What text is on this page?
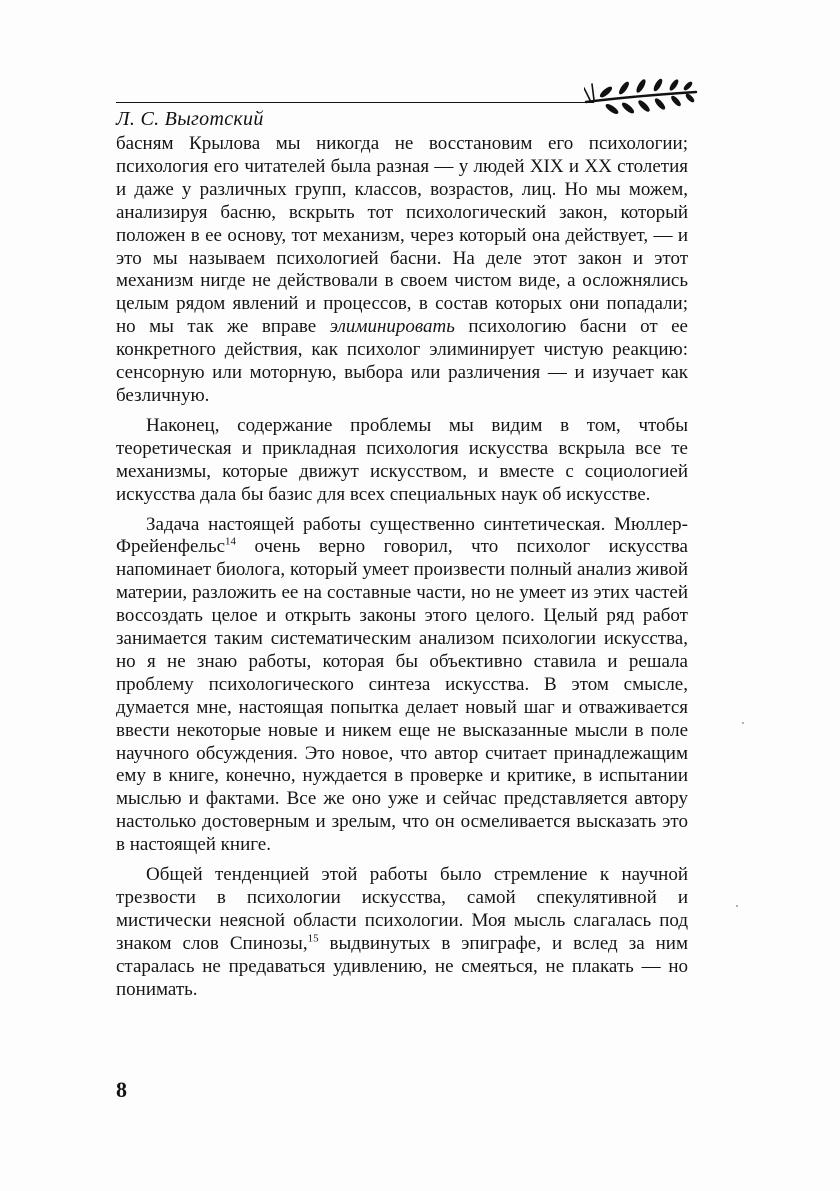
Л. С. Выготский

басням Крылова мы никогда не восстановим его психологии; психология его читателей была разная — у людей XIX и XX столетия и даже у различных групп, классов, возрастов, лиц. Но мы можем, анализируя басню, вскрыть тот психологический закон, который положен в ее основу, тот механизм, через который она действует, — и это мы называем психологией басни. На деле этот закон и этот механизм нигде не действовали в своем чистом виде, а осложнялись целым рядом явлений и процессов, в состав которых они попадали; но мы так же вправе элиминировать психологию басни от ее конкретного действия, как психолог элиминирует чистую реакцию: сенсорную или моторную, выбора или различения — и изучает как безличную.

Наконец, содержание проблемы мы видим в том, чтобы теоретическая и прикладная психология искусства вскрыла все те механизмы, которые движут искусством, и вместе с социологией искусства дала бы базис для всех специальных наук об искусстве.

Задача настоящей работы существенно синтетическая. Мюллер-Фрейенфельс$^{14}$ очень верно говорил, что психолог искусства напоминает биолога, который умеет произвести полный анализ живой материи, разложить ее на составные части, но не умеет из этих частей воссоздать целое и открыть законы этого целого. Целый ряд работ занимается таким систематическим анализом психологии искусства, но я не знаю работы, которая бы объективно ставила и решала проблему психологического синтеза искусства. В этом смысле, думается мне, настоящая попытка делает новый шаг и отваживается ввести некоторые новые и никем еще не высказанные мысли в поле научного обсуждения. Это новое, что автор считает принадлежащим ему в книге, конечно, нуждается в проверке и критике, в испытании мыслью и фактами. Все же оно уже и сейчас представляется автору настолько достоверным и зрелым, что он осмеливается высказать это в настоящей книге.

Общей тенденцией этой работы было стремление к научной трезвости в психологии искусства, самой спекулятивной и мистически неясной области психологии. Моя мысль слагалась под знаком слов Спинозы,$^{15}$ выдвинутых в эпиграфе, и вслед за ним старалась не предаваться удивлению, не смеяться, не плакать — но понимать.

8
